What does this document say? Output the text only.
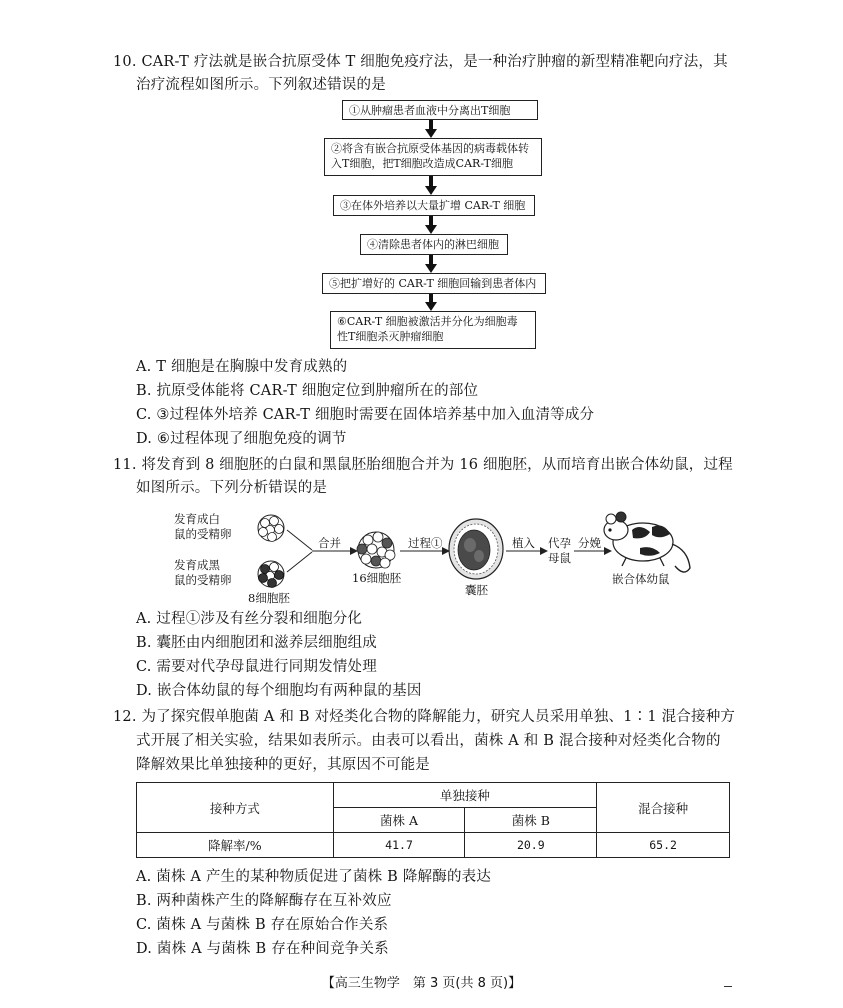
10. CAR-T 疗法就是嵌合抗原受体 T 细胞免疫疗法，是一种治疗肿瘤的新型精准靶向疗法，其
治疗流程如图所示。下列叙述错误的是
①从肿瘤患者血液中分离出T细胞
②将含有嵌合抗原受体基因的病毒载体转
入T细胞，把T细胞改造成CAR-T细胞
③在体外培养以大量扩增 CAR-T 细胞
④清除患者体内的淋巴细胞
⑤把扩增好的 CAR-T 细胞回输到患者体内
⑥CAR-T 细胞被激活并分化为细胞毒
性T细胞杀灭肿瘤细胞
A. T 细胞是在胸腺中发育成熟的
B. 抗原受体能将 CAR-T 细胞定位到肿瘤所在的部位
C. ③过程体外培养 CAR-T 细胞时需要在固体培养基中加入血清等成分
D. ⑥过程体现了细胞免疫的调节
11. 将发育到 8 细胞胚的白鼠和黑鼠胚胎细胞合并为 16 细胞胚，从而培育出嵌合体幼鼠，过程
如图所示。下列分析错误的是
发育成白
鼠的受精卵
发育成黑
鼠的受精卵
8细胞胚
合并
16细胞胚
过程①
囊胚
植入 代孕
母鼠
分娩
嵌合体幼鼠
A. 过程①涉及有丝分裂和细胞分化
B. 囊胚由内细胞团和滋养层细胞组成
C. 需要对代孕母鼠进行同期发情处理
D. 嵌合体幼鼠的每个细胞均有两种鼠的基因
12. 为了探究假单胞菌 A 和 B 对烃类化合物的降解能力，研究人员采用单独、1∶1 混合接种方
式开展了相关实验，结果如表所示。由表可以看出，菌株 A 和 B 混合接种对烃类化合物的
降解效果比单独接种的更好，其原因不可能是
接种方式	单独接种		混合接种
	菌株 A	菌株 B	
降解率/%	41.7	20.9	65.2
A. 菌株 A 产生的某种物质促进了菌株 B 降解酶的表达
B. 两种菌株产生的降解酶存在互补效应
C. 菌株 A 与菌株 B 存在原始合作关系
D. 菌株 A 与菌株 B 存在种间竞争关系
【高三生物学　第 3 页(共 8 页)】
